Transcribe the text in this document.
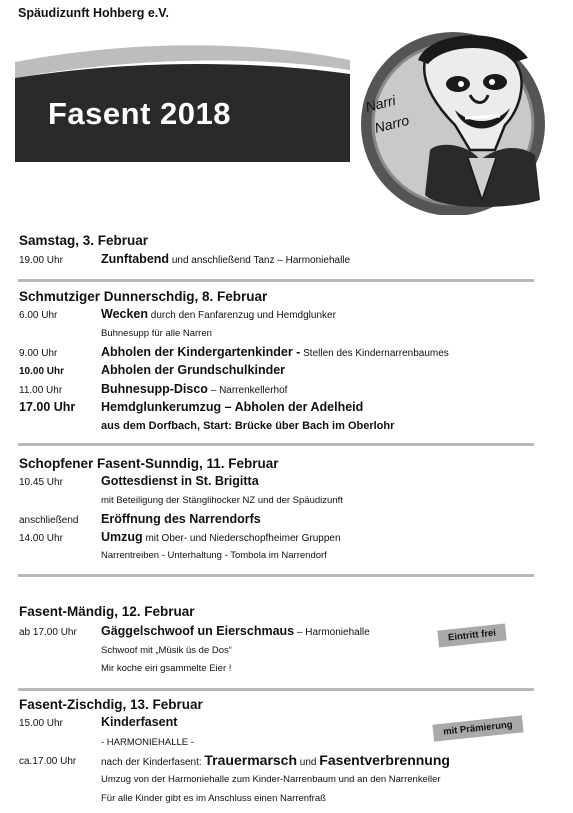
Späudizunft Hohberg e.V.
Narri
Narro
Fasent 2018
Samstag, 3. Februar
19.00 Uhr	Zunftabend und anschließend Tanz – Harmoniehalle
Schmutziger Dunnerschdig, 8. Februar
6.00 Uhr	Wecken durch den Fanfarenzug und Hemdglunker
Buhnesupp für alle Narren
9.00 Uhr	Abholen der Kindergartenkinder - Stellen des Kindernarrenbaumes
10.00 Uhr	Abholen der Grundschulkinder
11.00 Uhr	Buhnesupp-Disco – Narrenkellerhof
17.00 Uhr Hemdglunkerumzug – Abholen der Adelheid
aus dem Dorfbach, Start: Brücke über Bach im Oberlohr
Schopfener Fasent-Sunndig, 11. Februar
10.45 Uhr	Gottesdienst in St. Brigitta
mit Beteiligung der Stänglihocker NZ und der Späudizunft
anschließend Eröffnung des Narrendorfs
14.00 Uhr	Umzug mit Ober- und Niederschopfheimer Gruppen
Narrentreiben - Unterhaltung - Tombola im Narrendorf
Fasent-Mändig, 12. Februar
ab 17.00 Uhr Gäggelschwoof un Eierschmaus – Harmoniehalle
Schwoof mit „Müsik üs de Dos“
Mir koche eiri gsammelte Eier !
Eintritt frei
Fasent-Zischdig, 13. Februar
15.00 Uhr	Kinderfasent
- HARMONIEHALLE -
mit Prämierung
ca.17.00 Uhr nach der Kinderfasent: Trauermarsch und Fasentverbrennung
Umzug von der Harmoniehalle zum Kinder-Narrenbaum und an den Narrenkeller
Für alle Kinder gibt es im Anschluss einen Narrenfraß
